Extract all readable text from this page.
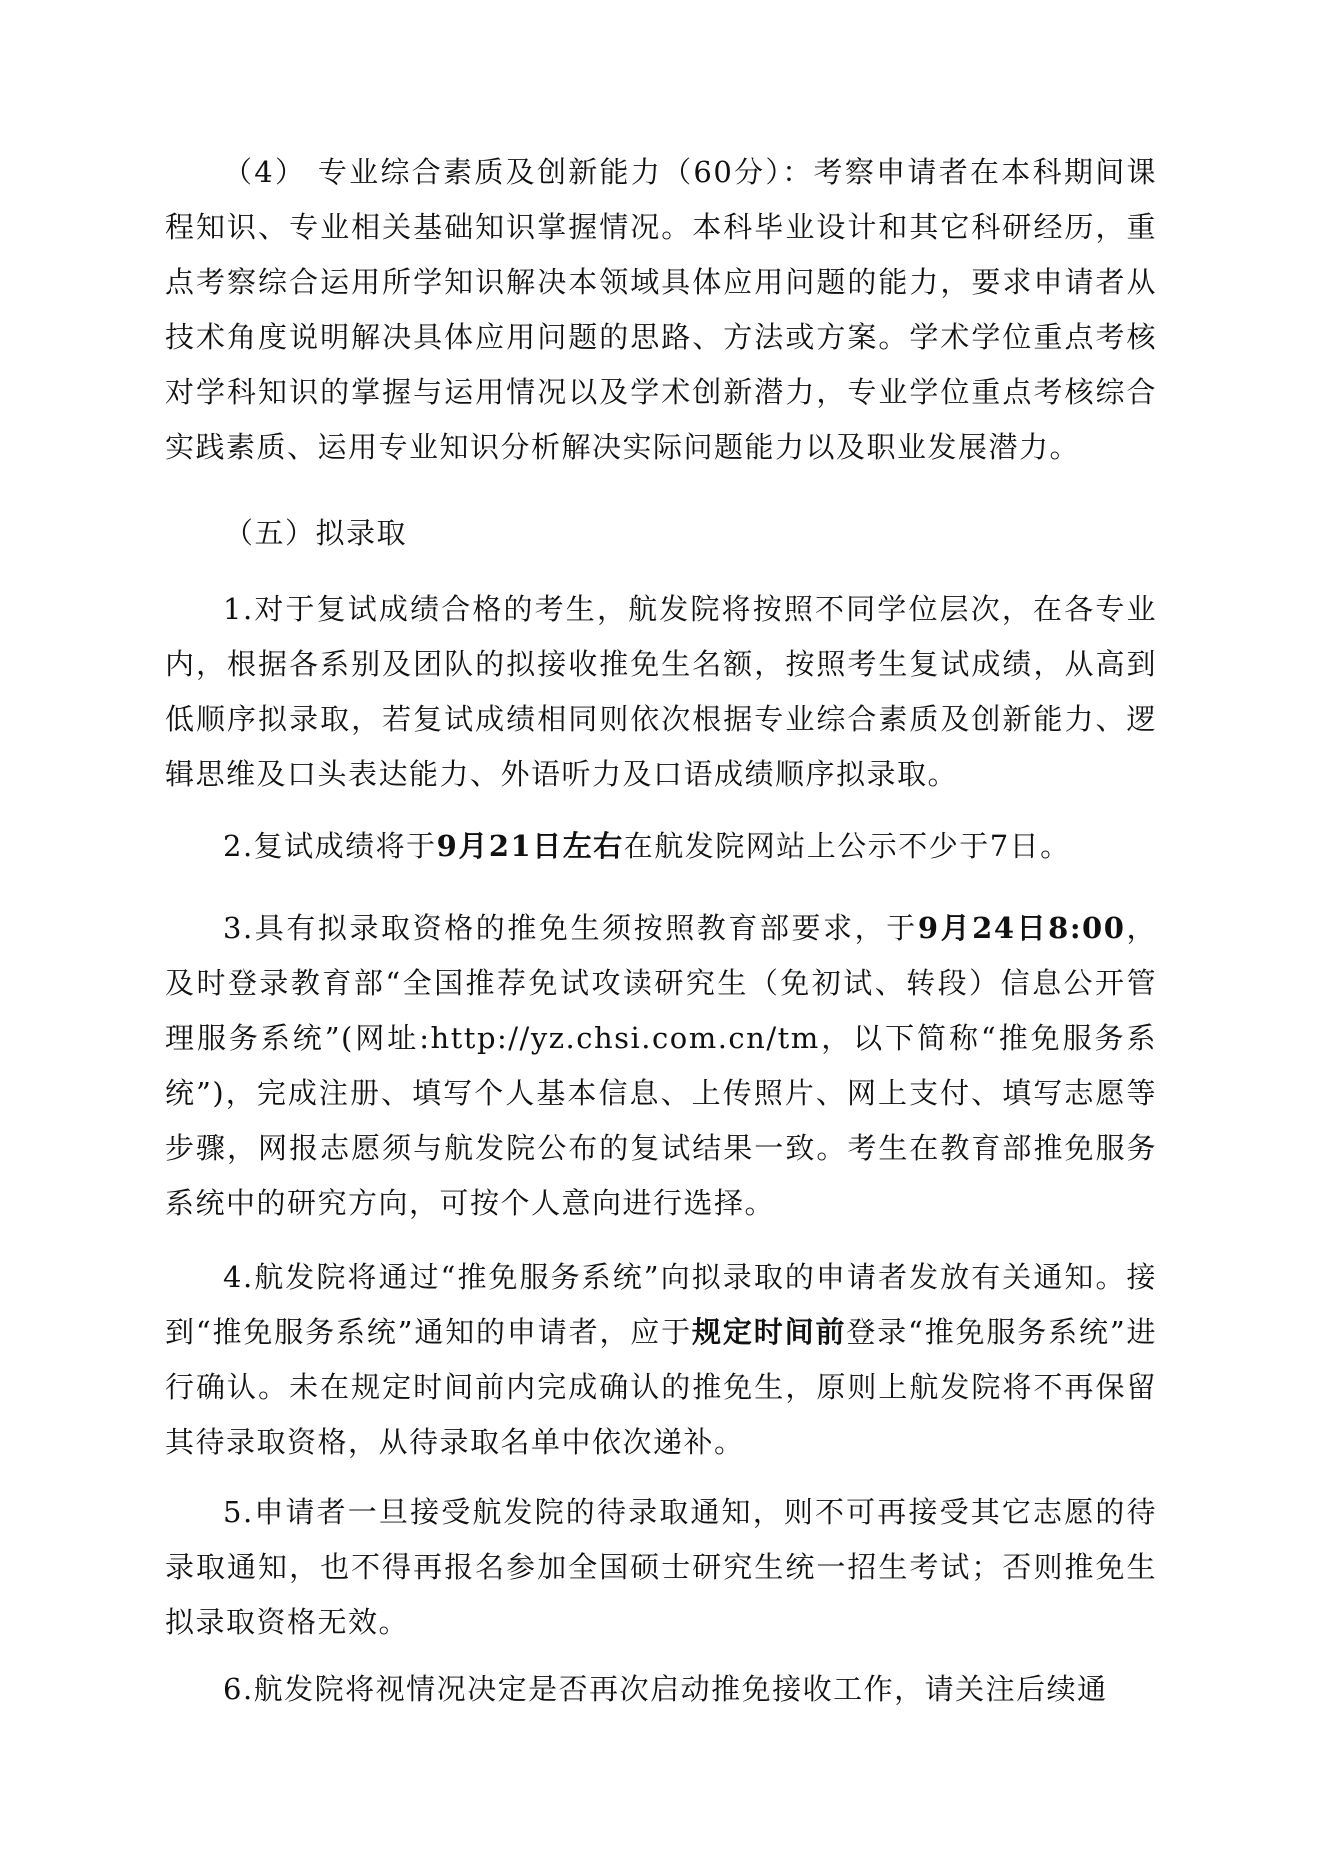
（4） 专业综合素质及创新能力（60分）：考察申请者在本科期间课程知识、专业相关基础知识掌握情况。本科毕业设计和其它科研经历，重点考察综合运用所学知识解决本领域具体应用问题的能力，要求申请者从技术角度说明解决具体应用问题的思路、方法或方案。学术学位重点考核对学科知识的掌握与运用情况以及学术创新潜力，专业学位重点考核综合实践素质、运用专业知识分析解决实际问题能力以及职业发展潜力。

（五）拟录取

1.对于复试成绩合格的考生，航发院将按照不同学位层次，在各专业内，根据各系别及团队的拟接收推免生名额，按照考生复试成绩，从高到低顺序拟录取，若复试成绩相同则依次根据专业综合素质及创新能力、逻辑思维及口头表达能力、外语听力及口语成绩顺序拟录取。

2.复试成绩将于9月21日左右在航发院网站上公示不少于7日。

3.具有拟录取资格的推免生须按照教育部要求，于9月24日8:00，及时登录教育部“全国推荐免试攻读研究生（免初试、转段）信息公开管理服务系统”(网址:http://yz.chsi.com.cn/tm，以下简称“推免服务系统”)，完成注册、填写个人基本信息、上传照片、网上支付、填写志愿等步骤，网报志愿须与航发院公布的复试结果一致。考生在教育部推免服务系统中的研究方向，可按个人意向进行选择。

4.航发院将通过“推免服务系统”向拟录取的申请者发放有关通知。接到“推免服务系统”通知的申请者，应于规定时间前登录“推免服务系统”进行确认。未在规定时间前内完成确认的推免生，原则上航发院将不再保留其待录取资格，从待录取名单中依次递补。

5.申请者一旦接受航发院的待录取通知，则不可再接受其它志愿的待录取通知，也不得再报名参加全国硕士研究生统一招生考试；否则推免生拟录取资格无效。

6.航发院将视情况决定是否再次启动推免接收工作，请关注后续通
